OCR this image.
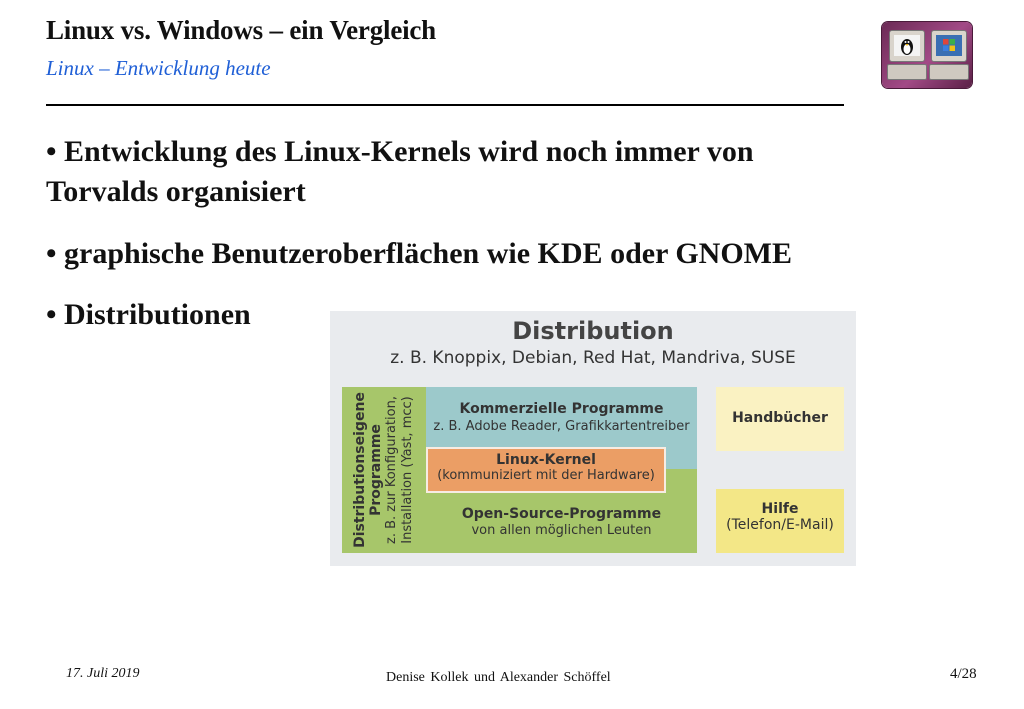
Linux vs. Windows – ein Vergleich
Linux – Entwicklung heute
• Entwicklung des Linux-Kernels wird noch immer von Torvalds organisiert
• graphische Benutzeroberflächen wie KDE oder GNOME
• Distributionen	Distribution
z. B. Knoppix, Debian, Red Hat, Mandriva, SUSE
Distributionseigene Programme z. B. zur Konfiguration, Installation (Yast, mcc)	Kommerzielle Programme
z. B. Adobe Reader, Grafikkartentreiber
Open-Source-Programme
von allen möglichen Leuten
Linux-Kernel
(kommuniziert mit der Hardware)
Handbücher
Hilfe
(Telefon/E-Mail)
17. Juli 2019	Denise Kollek und Alexander Schöffel	4/28
